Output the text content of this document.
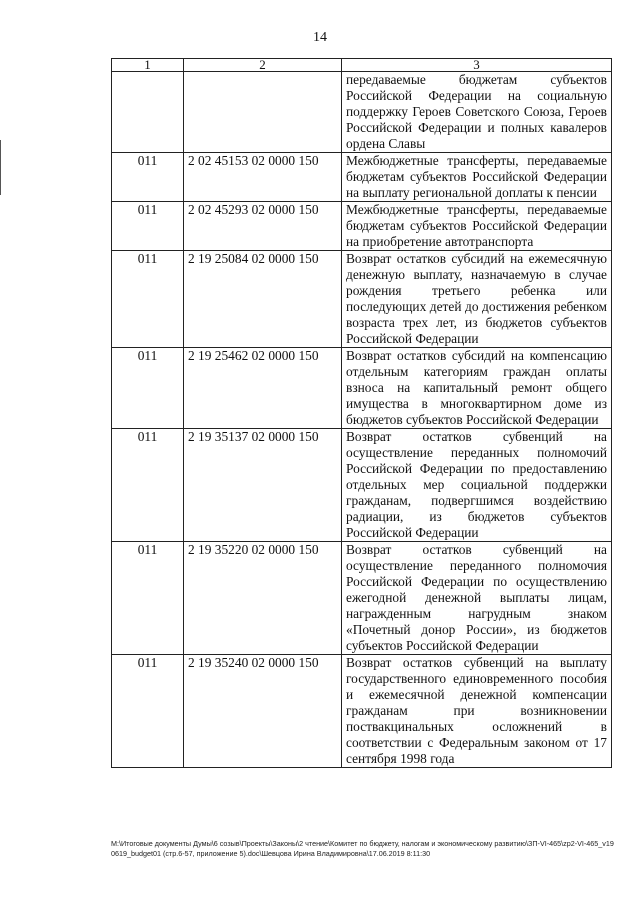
14
1	2	3
		передаваемые бюджетам субъектов Российской Федерации на социальную поддержку Героев Советского Союза, Героев Российской Федерации и полных кавалеров ордена Славы
011	2 02 45153 02 0000 150	Межбюджетные трансферты, передаваемые бюджетам субъектов Российской Федерации на выплату региональной доплаты к пенсии
011	2 02 45293 02 0000 150	Межбюджетные трансферты, передаваемые бюджетам субъектов Российской Федерации на приобретение автотранспорта
011	2 19 25084 02 0000 150	Возврат остатков субсидий на ежемесячную денежную выплату, назначаемую в случае рождения третьего ребенка или последующих детей до достижения ребенком возраста трех лет, из бюджетов субъектов Российской Федерации
011	2 19 25462 02 0000 150	Возврат остатков субсидий на компенсацию отдельным категориям граждан оплаты взноса на капитальный ремонт общего имущества в многоквартирном доме из бюджетов субъектов Российской Федерации
011	2 19 35137 02 0000 150	Возврат остатков субвенций на осуществление переданных полномочий Российской Федерации по предоставлению отдельных мер социальной поддержки гражданам, подвергшимся воздействию радиации, из бюджетов субъектов Российской Федерации
011	2 19 35220 02 0000 150	Возврат остатков субвенций на осуществление переданного полномочия Российской Федерации по осуществлению ежегодной денежной выплаты лицам, награжденным нагрудным знаком «Почетный донор России», из бюджетов субъектов Российской Федерации
011	2 19 35240 02 0000 150	Возврат остатков субвенций на выплату государственного единовременного пособия и ежемесячной денежной компенсации гражданам при возникновении поствакцинальных осложнений в соответствии с Федеральным законом от 17 сентября 1998 года
M:\Итоговые документы Думы\6 созыв\Проекты\Законы\2 чтение\Комитет по бюджету, налогам и экономическому развитию\ЗП-VI-465\zp2-VI-465_v190619_budget01 (стр.6-57, приложение 5).doc\Шевцова Ирина Владимировна\17.06.2019 8:11:30
